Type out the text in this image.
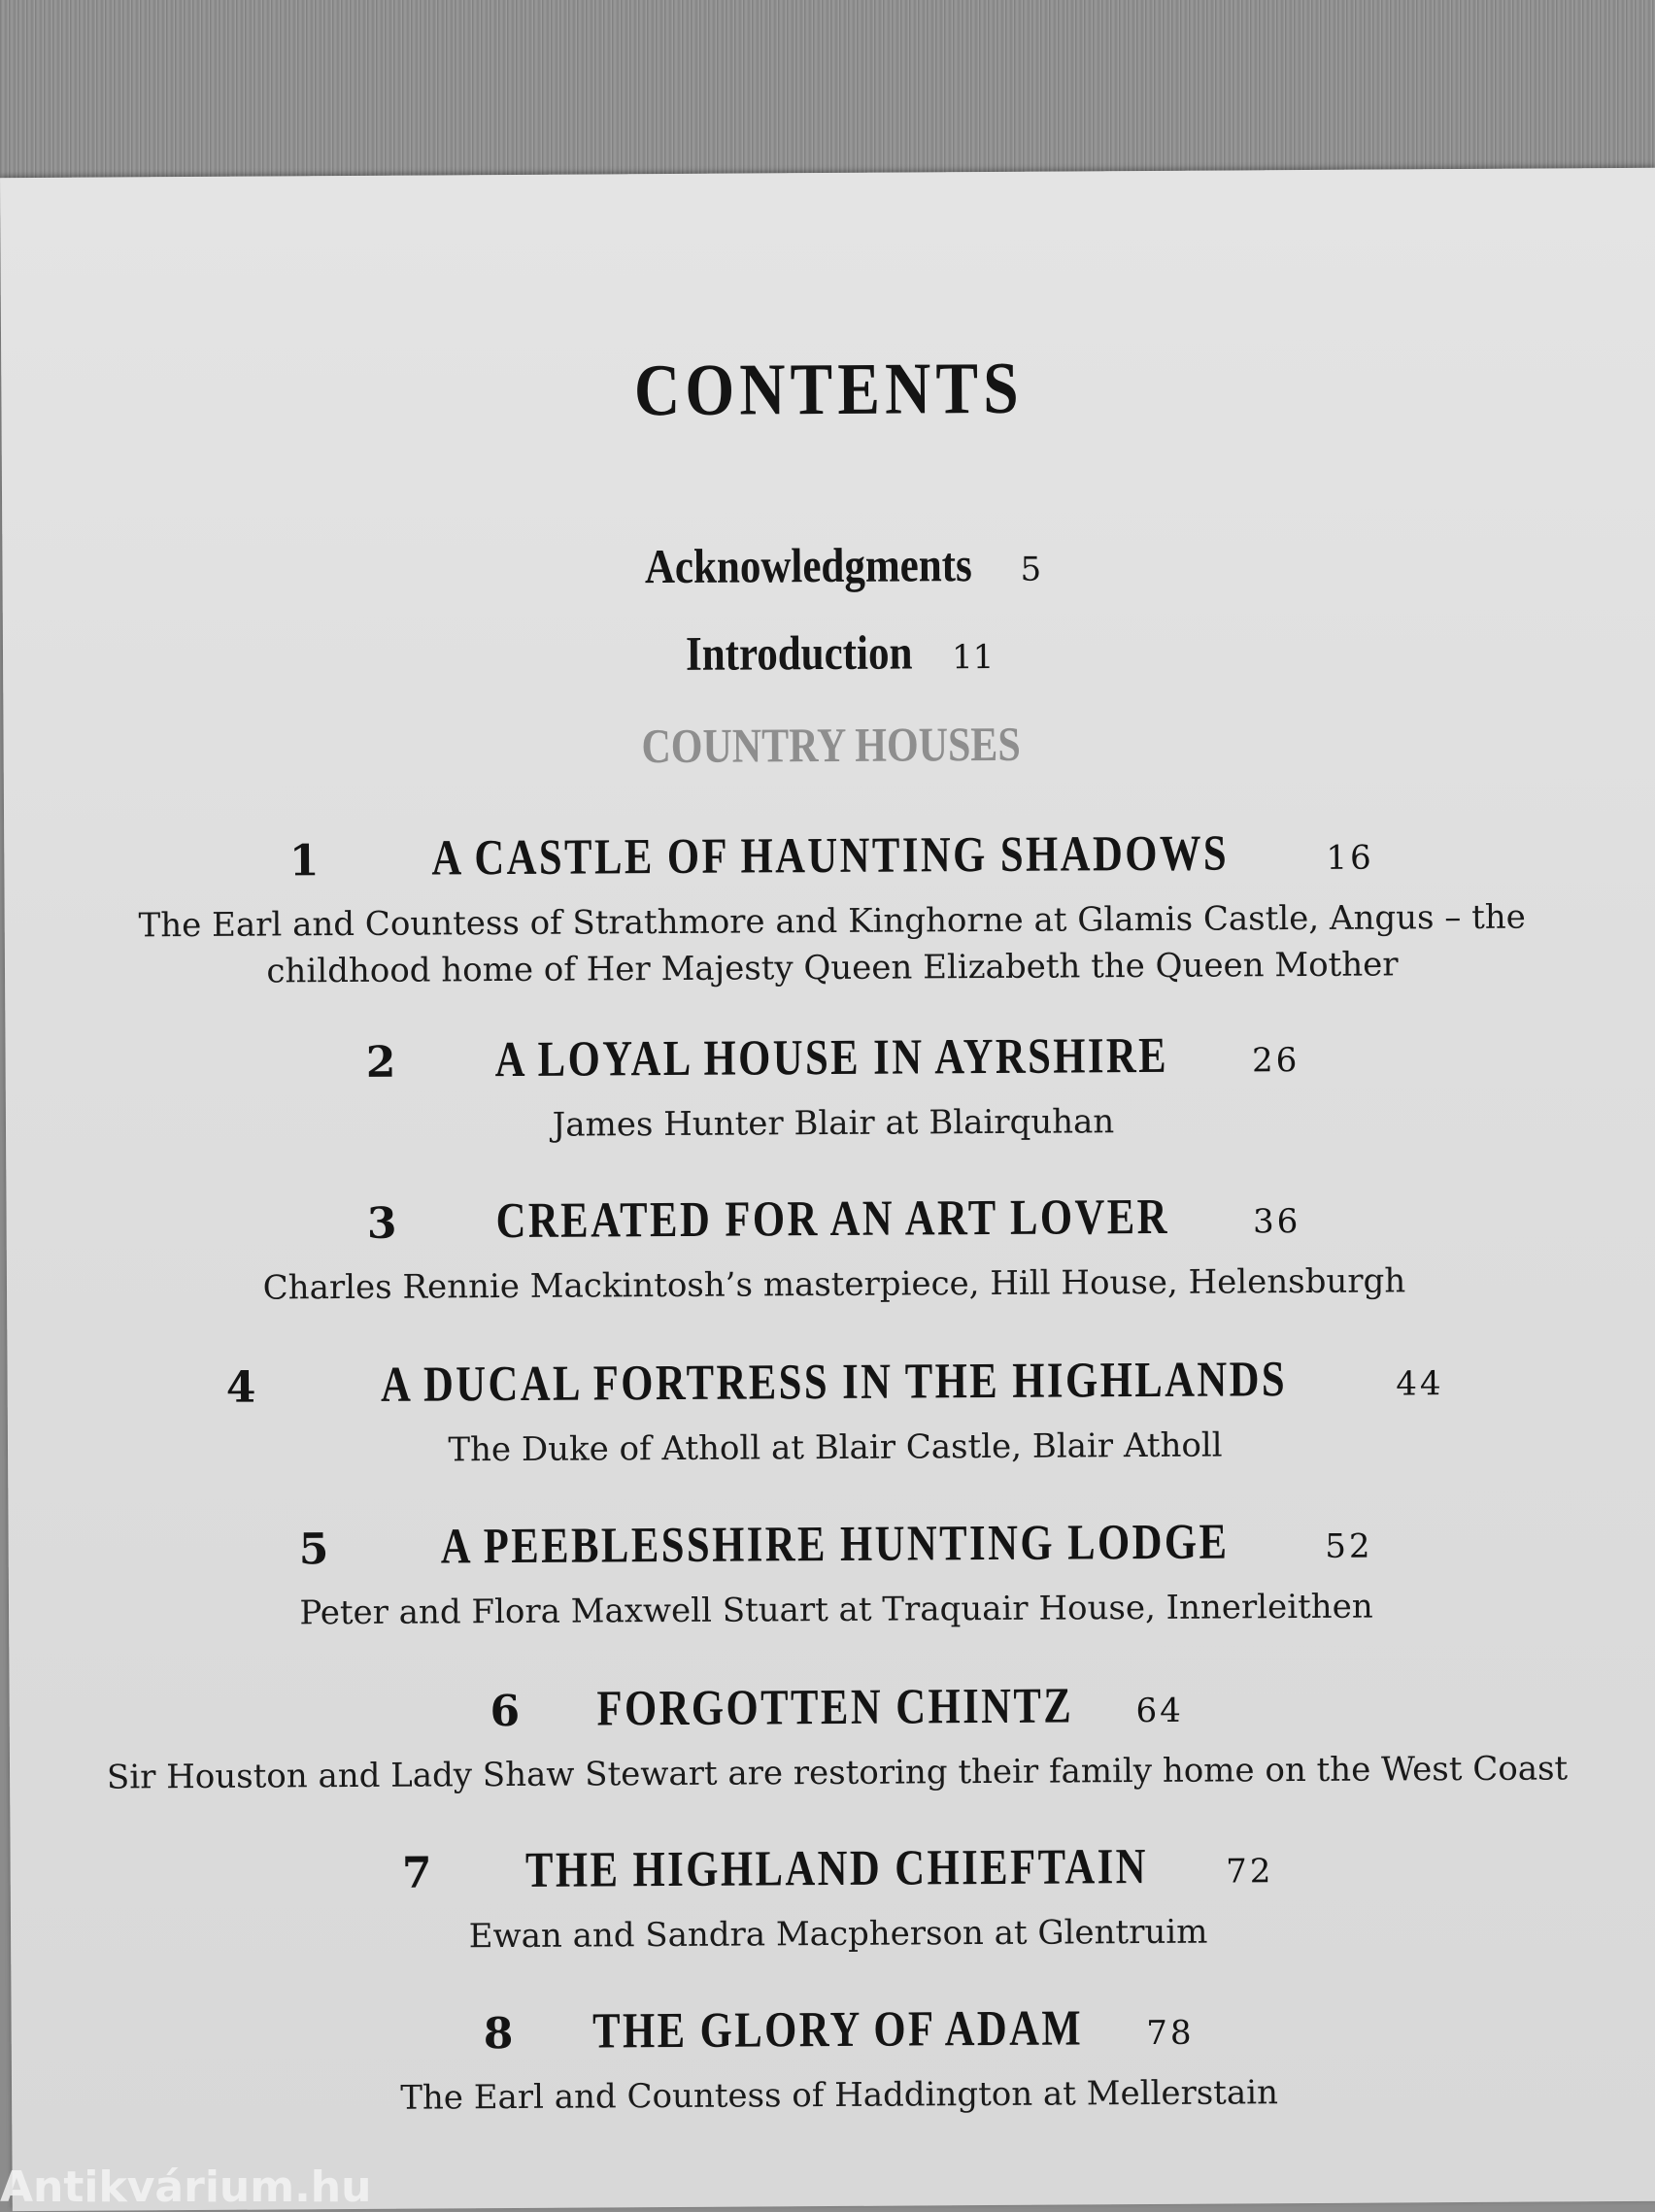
CONTENTS
Acknowledgments 5
Introduction 11
COUNTRY HOUSES
1 A CASTLE OF HAUNTING SHADOWS	16
The Earl and Countess of Strathmore and Kinghorne at Glamis Castle, Angus – the
childhood home of Her Majesty Queen Elizabeth the Queen Mother
2 A LOYAL HOUSE IN AYRSHIRE	26
James Hunter Blair at Blairquhan
3 CREATED FOR AN ART LOVER	36
Charles Rennie Mackintosh’s masterpiece, Hill House, Helensburgh
4 A DUCAL FORTRESS IN THE HIGHLANDS	44
The Duke of Atholl at Blair Castle, Blair Atholl
5 A PEEBLESSHIRE HUNTING LODGE	52
Peter and Flora Maxwell Stuart at Traquair House, Innerleithen
6 FORGOTTEN CHINTZ 64
Sir Houston and Lady Shaw Stewart are restoring their family home on the West Coast
7 THE HIGHLAND CHIEFTAIN 72
Ewan and Sandra Macpherson at Glentruim
8 THE GLORY OF ADAM 78
The Earl and Countess of Haddington at Mellerstain
Antikvárium.hu
